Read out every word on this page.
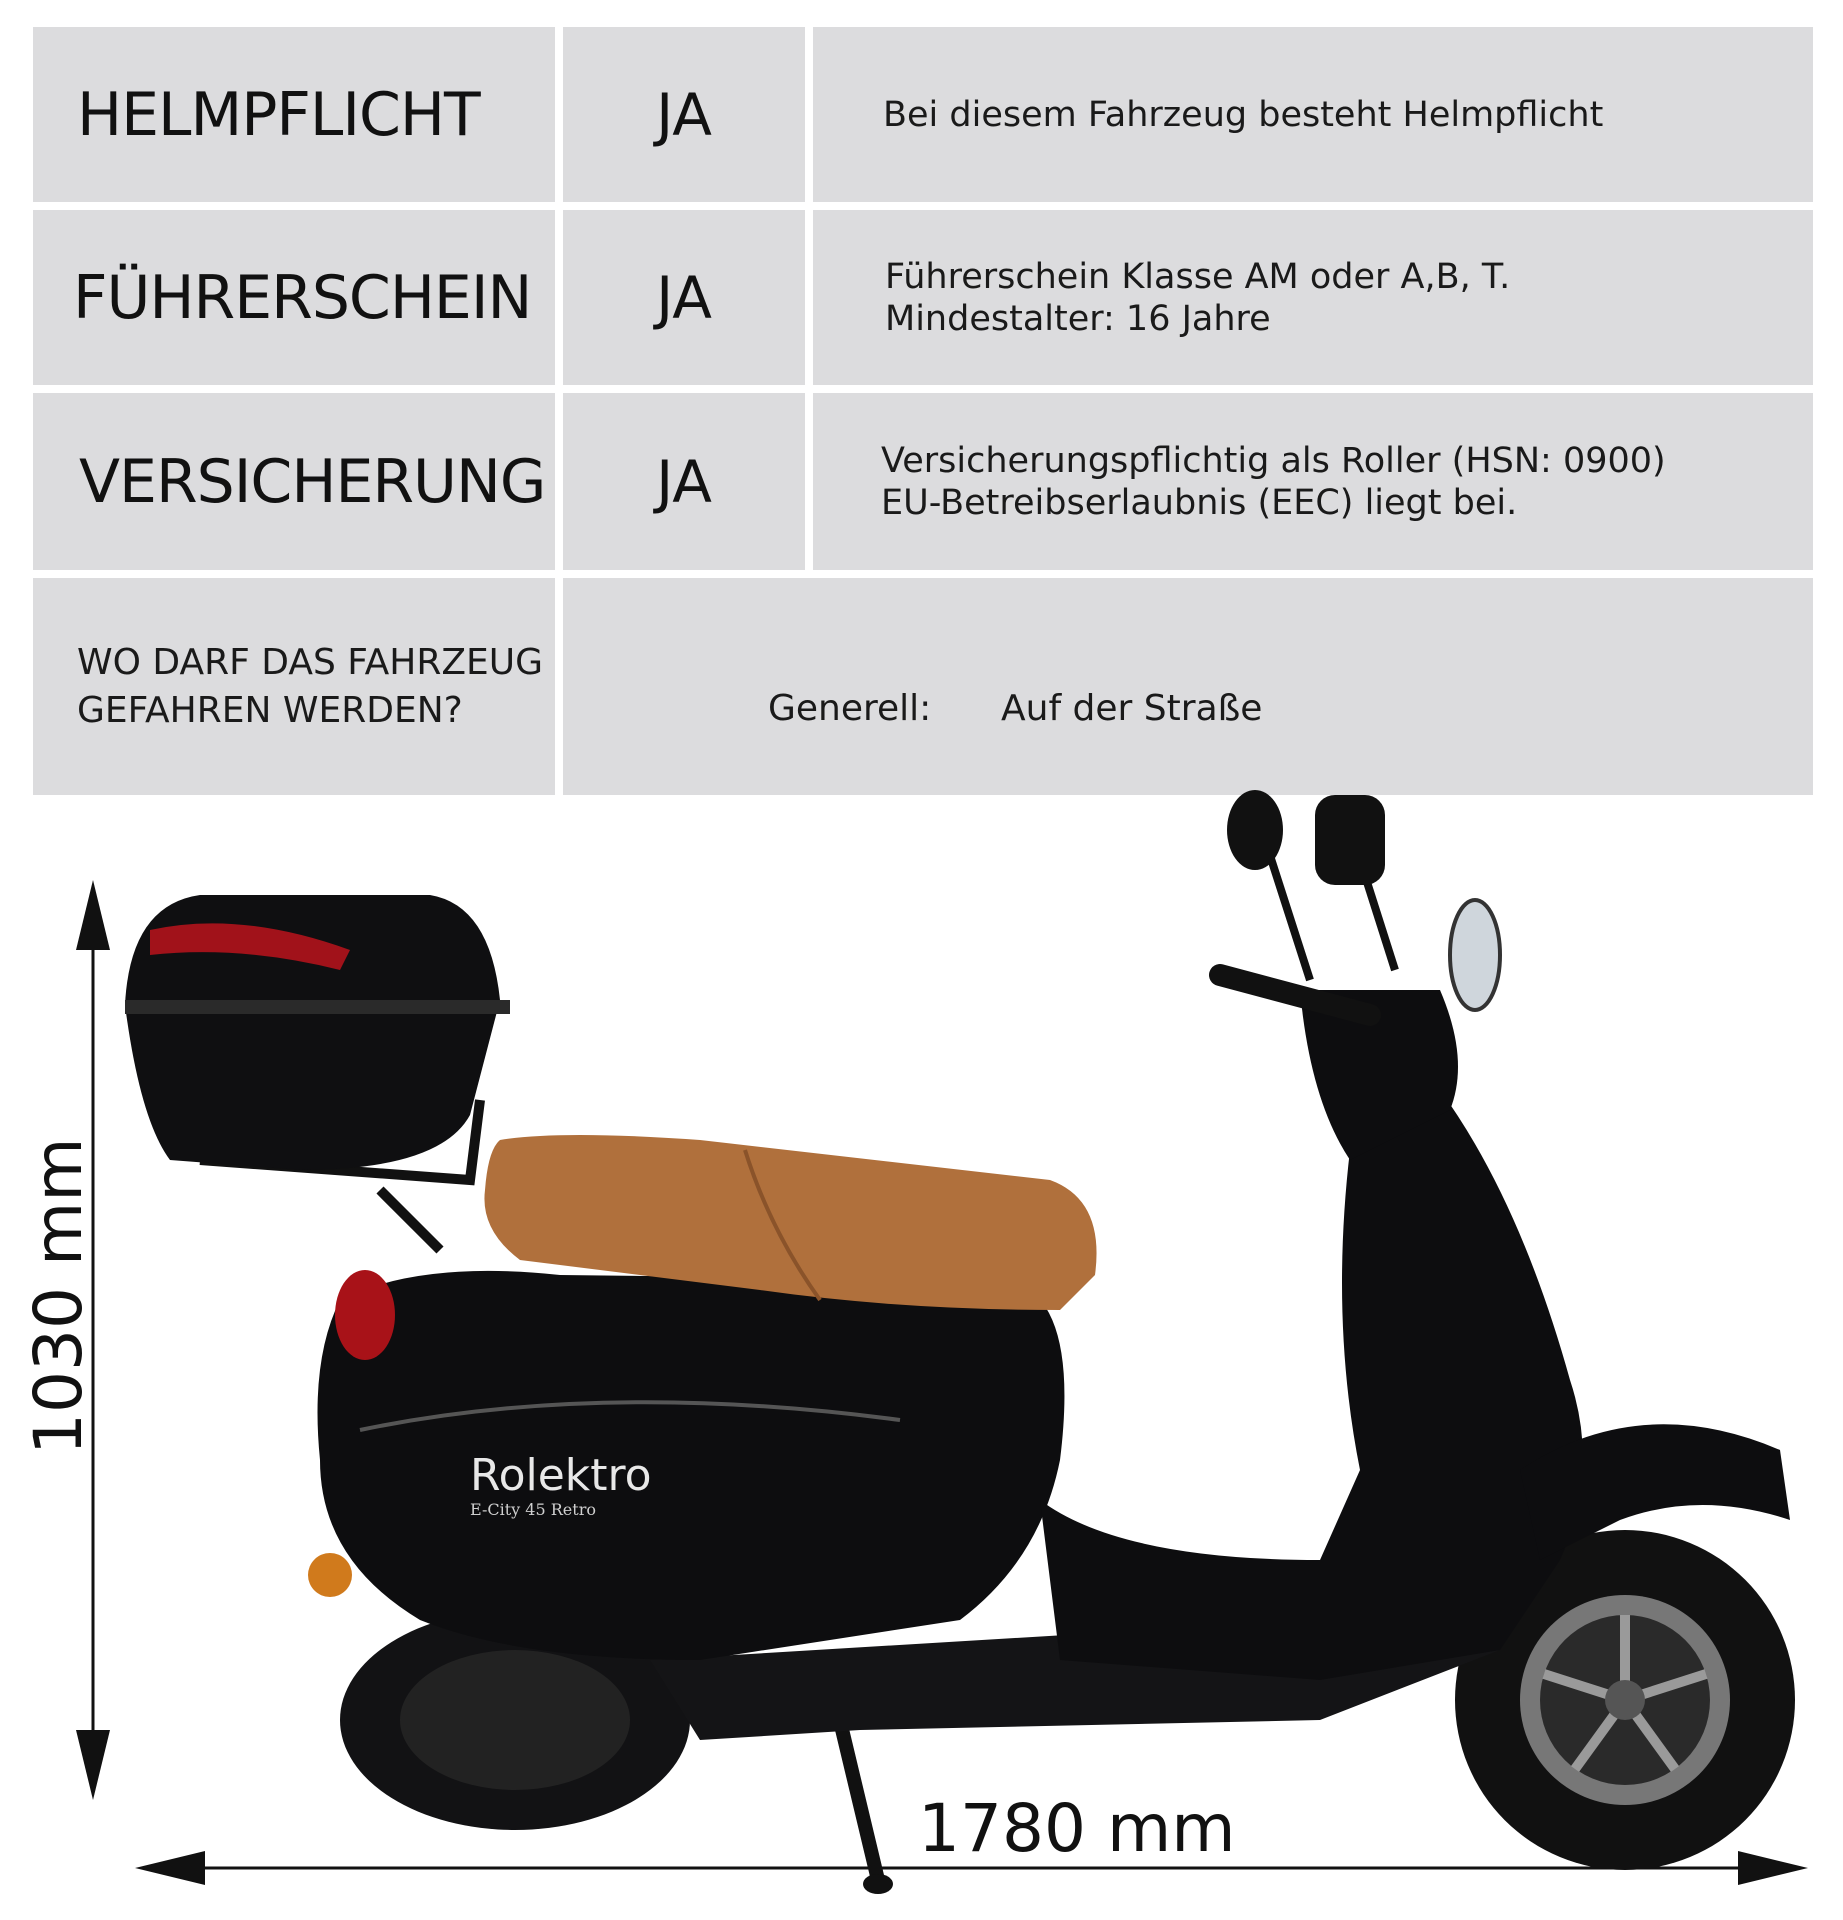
HELMPFLICHT	JA	Bei diesem Fahrzeug besteht Helmpflicht
FÜHRERSCHEIN	JA	Führerschein Klasse AM oder A,B, T.
Mindestalter: 16 Jahre
VERSICHERUNG	JA	Versicherungspflichtig als Roller (HSN: 0900)
EU-Betreibserlaubnis (EEC) liegt bei.
WO DARF DAS FAHRZEUG
GEFAHREN WERDEN?	Generell: Auf der Straße
Rolektro
E-City 45 Retro
1030 mm
1780 mm
